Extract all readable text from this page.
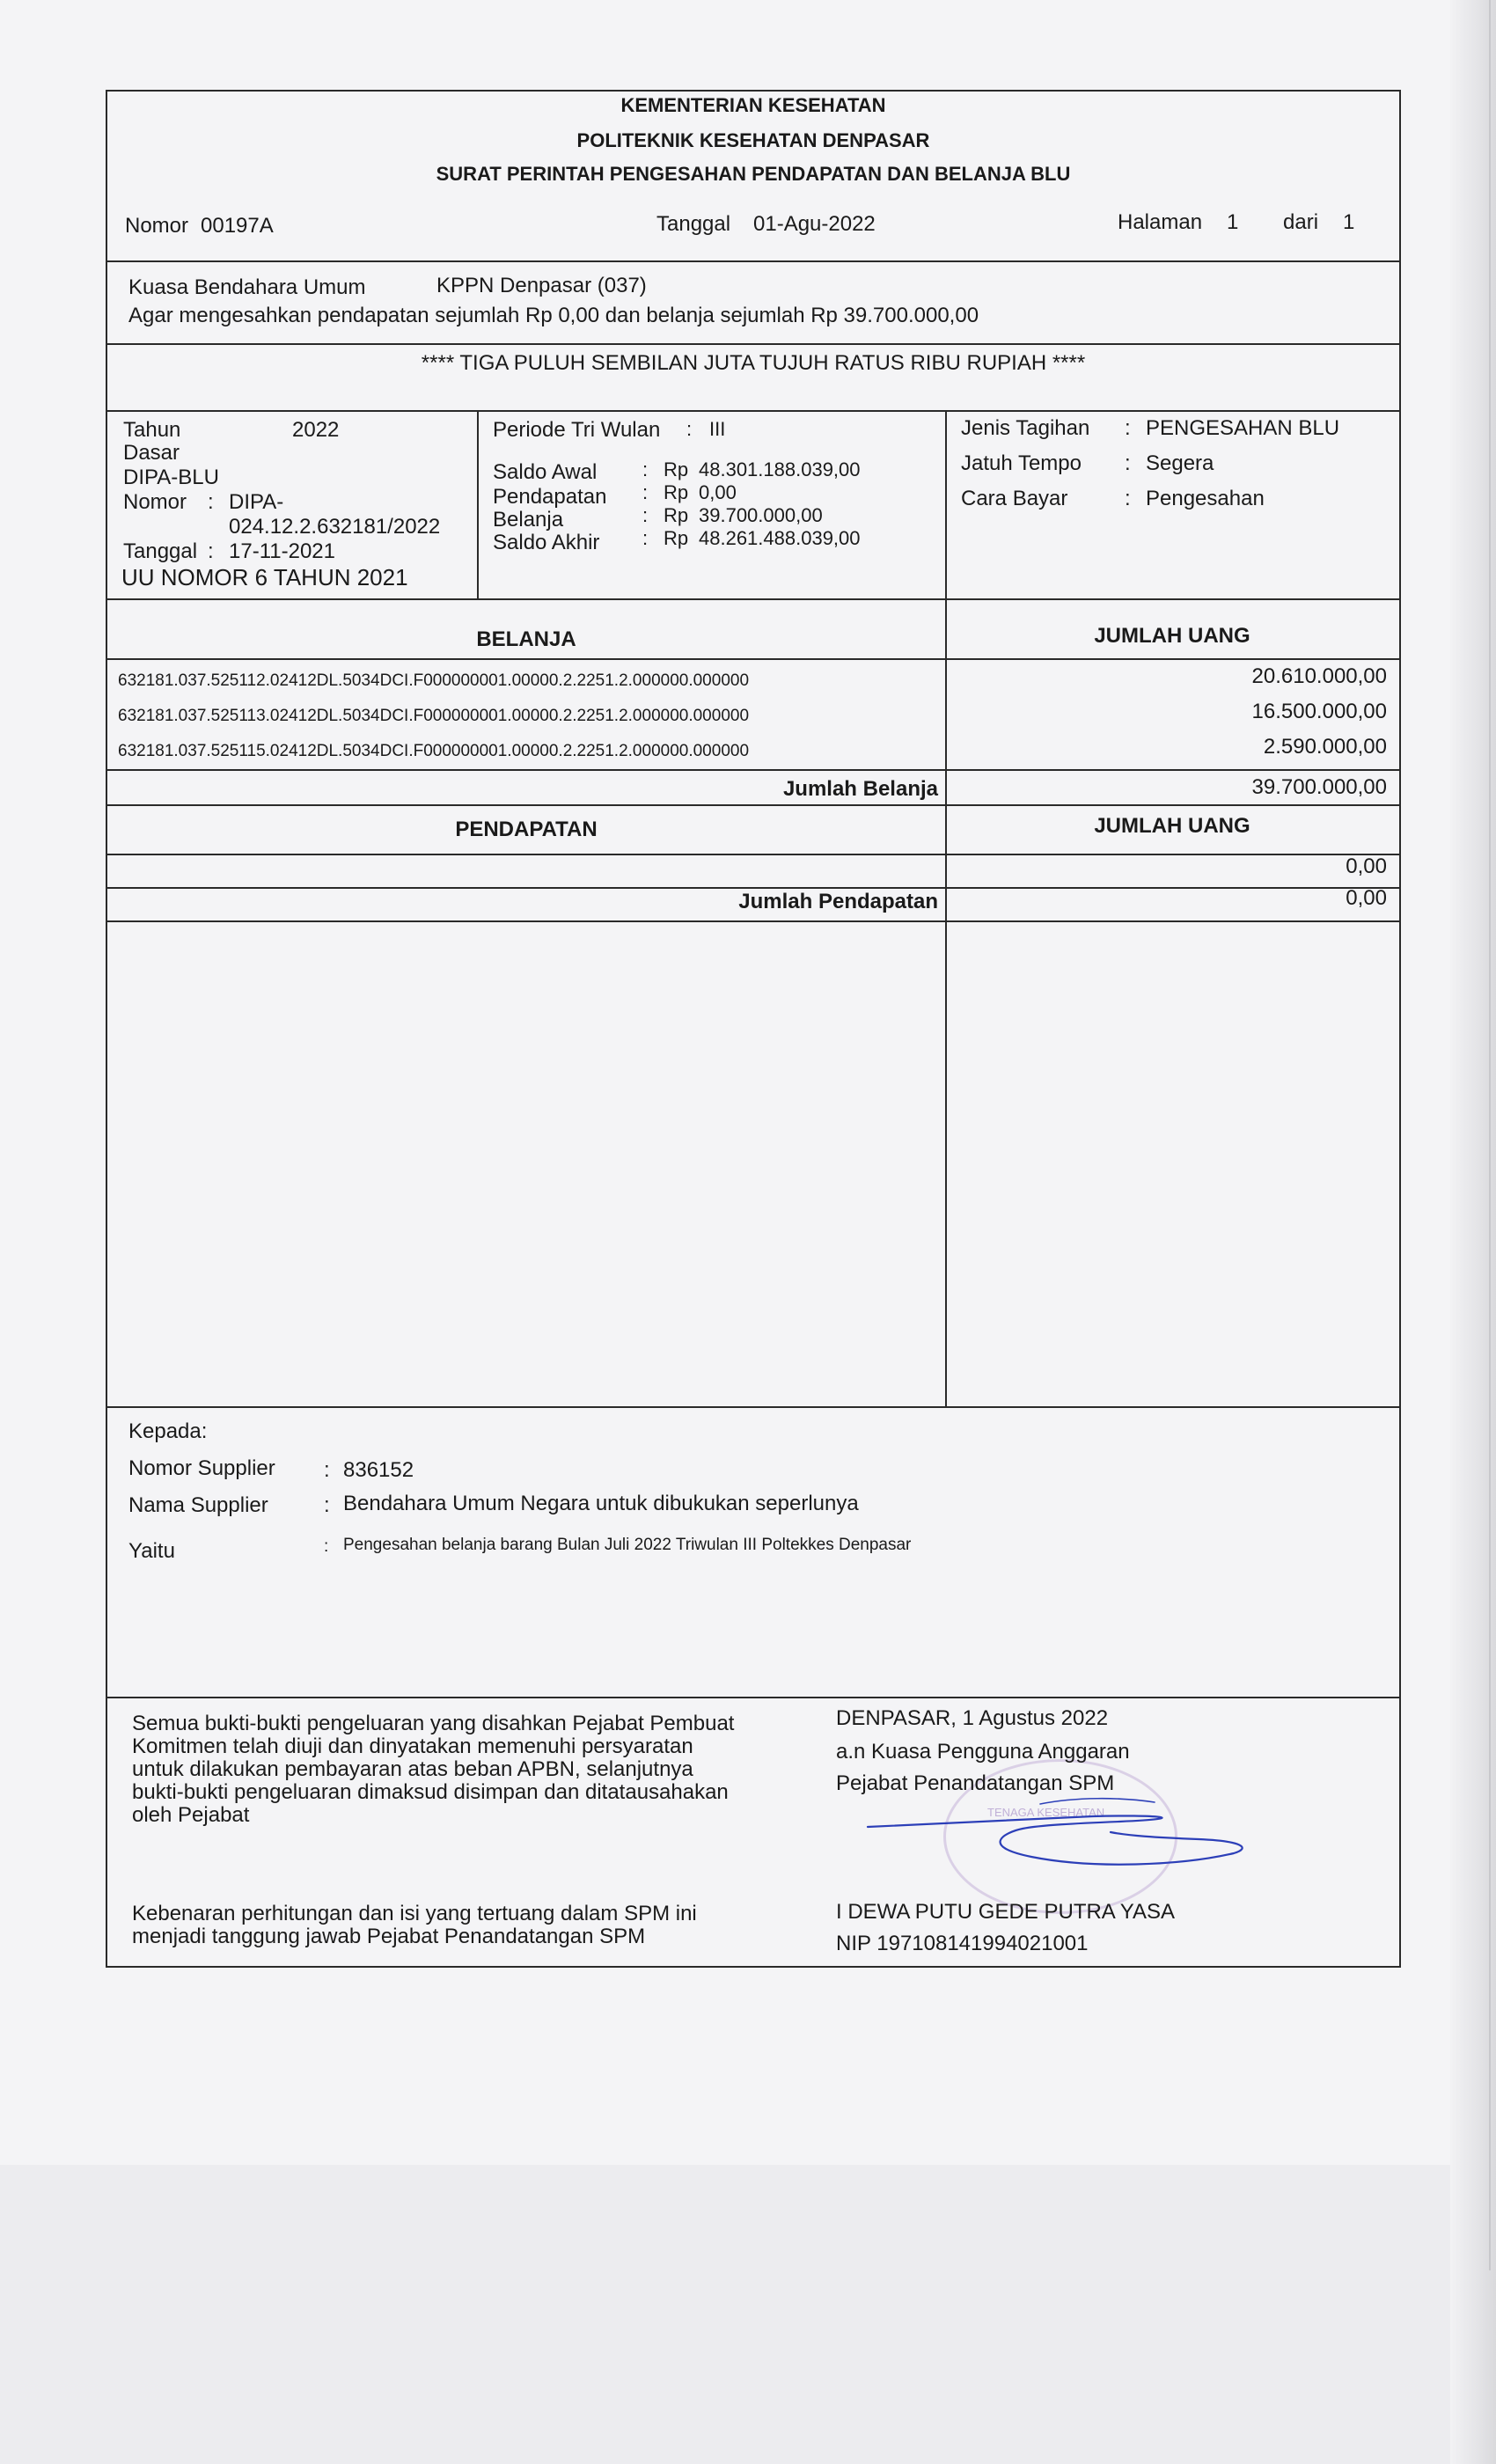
KEMENTERIAN KESEHATAN
POLITEKNIK KESEHATAN DENPASAR
SURAT PERINTAH PENGESAHAN PENDAPATAN DAN BELANJA BLU
Nomor 00197A	Tanggal 01-Agu-2022	Halaman 1 dari 1
Kuasa Bendahara Umum	KPPN Denpasar (037)
Agar mengesahkan pendapatan sejumlah Rp 0,00 dan belanja sejumlah Rp 39.700.000,00
**** TIGA PULUH SEMBILAN JUTA TUJUH RATUS RIBU RUPIAH ****
Tahun	2022
Dasar
DIPA-BLU
Nomor : DIPA-
024.12.2.632181/2022
Tanggal : 17-11-2021
UU NOMOR 6 TAHUN 2021
Periode Tri Wulan : III
Saldo Awal : Rp 48.301.188.039,00
Pendapatan : Rp 0,00
Belanja	: Rp 39.700.000,00
Saldo Akhir : Rp 48.261.488.039,00
Jenis Tagihan : PENGESAHAN BLU
Jatuh Tempo : Segera
Cara Bayar	: Pengesahan
BELANJA	JUMLAH UANG
632181.037.525112.02412DL.5034DCI.F000000001.00000.2.2251.2.000000.000000	20.610.000,00
632181.037.525113.02412DL.5034DCI.F000000001.00000.2.2251.2.000000.000000	16.500.000,00
632181.037.525115.02412DL.5034DCI.F000000001.00000.2.2251.2.000000.000000	2.590.000,00
Jumlah Belanja	39.700.000,00
PENDAPATAN	JUMLAH UANG
0,00
Jumlah Pendapatan	0,00
Kepada:
Nomor Supplier : 836152
Nama Supplier	: Bendahara Umum Negara untuk dibukukan seperlunya
Yaitu	: Pengesahan belanja barang Bulan Juli 2022 Triwulan III Poltekkes Denpasar
Semua bukti-bukti pengeluaran yang disahkan Pejabat Pembuat
Komitmen telah diuji dan dinyatakan memenuhi persyaratan
untuk dilakukan pembayaran atas beban APBN, selanjutnya
bukti-bukti pengeluaran dimaksud disimpan dan ditatausahakan
oleh Pejabat
Kebenaran perhitungan dan isi yang tertuang dalam SPM ini
menjadi tanggung jawab Pejabat Penandatangan SPM
TENAGA KESEHATAN
DENPASAR, 1 Agustus 2022
a.n Kuasa Pengguna Anggaran
Pejabat Penandatangan SPM
I DEWA PUTU GEDE PUTRA YASA
NIP 197108141994021001
